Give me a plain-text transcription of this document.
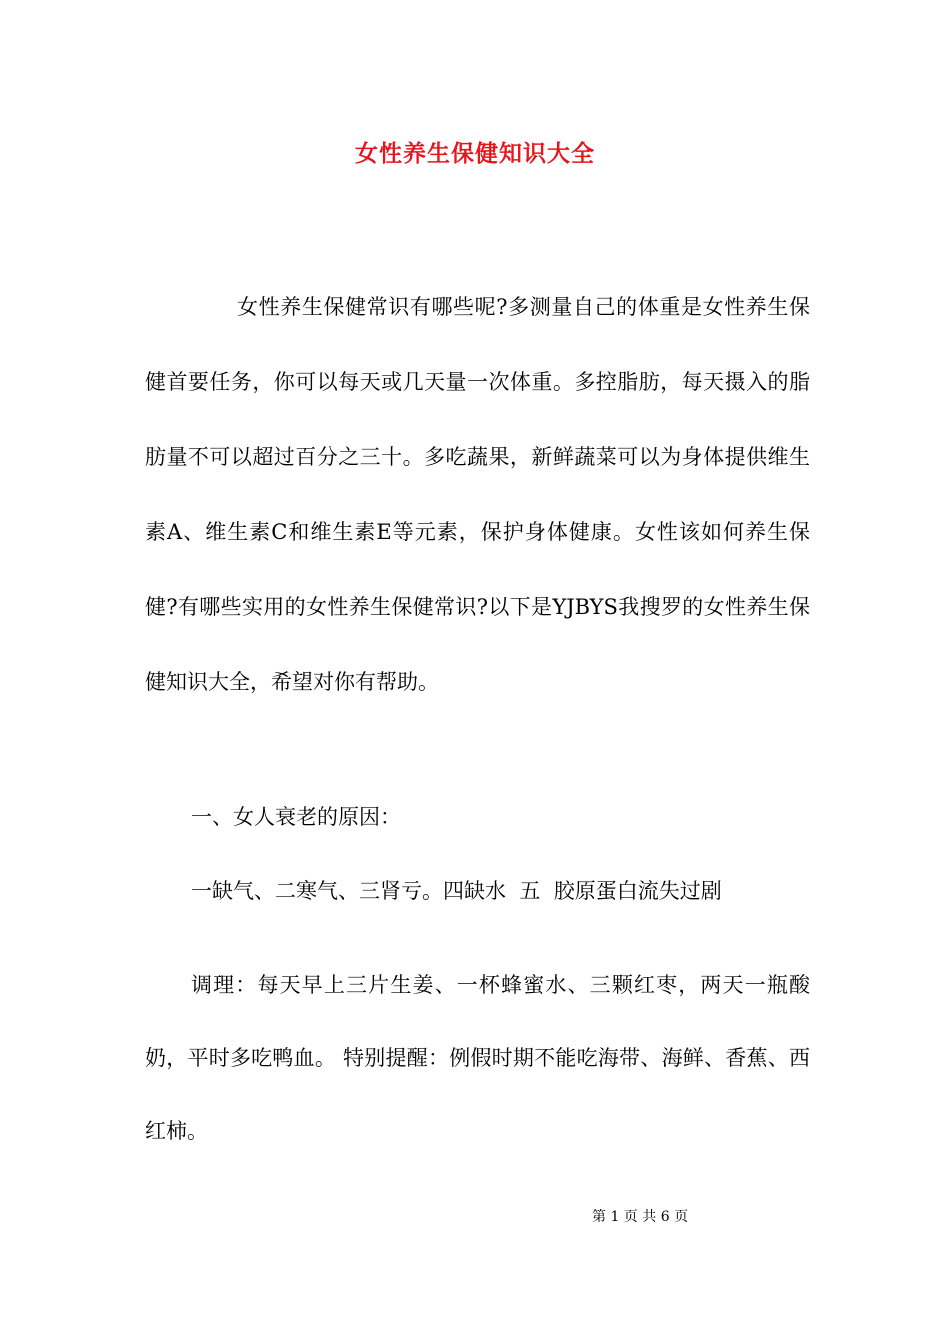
女性养生保健知识大全

女性养生保健常识有哪些呢?多测量自己的体重是女性养生保健首要任务，你可以每天或几天量一次体重。多控脂肪，每天摄入的脂肪量不可以超过百分之三十。多吃蔬果，新鲜蔬菜可以为身体提供维生素A、维生素C和维生素E等元素，保护身体健康。女性该如何养生保健?有哪些实用的女性养生保健常识?以下是YJBYS我搜罗的女性养生保健知识大全，希望对你有帮助。

一、女人衰老的原因：

一缺气、二寒气、三肾亏。四缺水  五  胶原蛋白流失过剧

调理：每天早上三片生姜、一杯蜂蜜水、三颗红枣，两天一瓶酸奶，平时多吃鸭血。 特别提醒：例假时期不能吃海带、海鲜、香蕉、西红柿。

第 1 页 共 6 页
